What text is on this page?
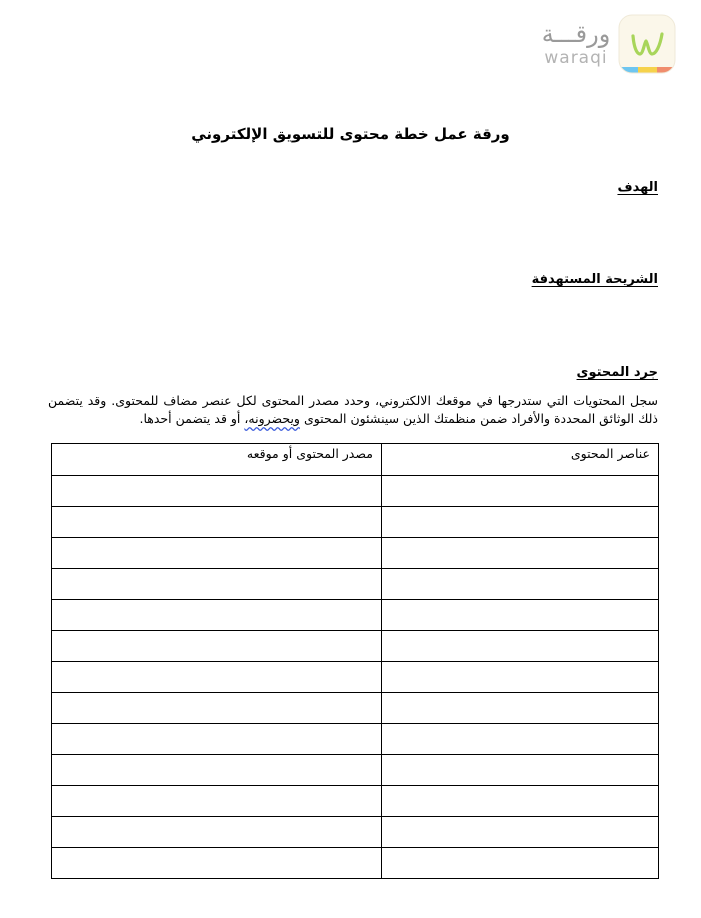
ورقـــة
waraqi
ورقة عمل خطة محتوى للتسويق الإلكتروني
الهدف
الشريحة المستهدفة
جرد المحتوى
سجل المحتويات التي ستدرجها في موقعك الالكتروني، وحدد مصدر المحتوى لكل عنصر مضاف للمحتوى. وقد يتضمن ذلك الوثائق المحددة والأفراد ضمن منظمتك الذين سينشئون المحتوى ويحضرونه، أو قد يتضمن أحدها.
عناصر المحتوى	مصدر المحتوى أو موقعه
